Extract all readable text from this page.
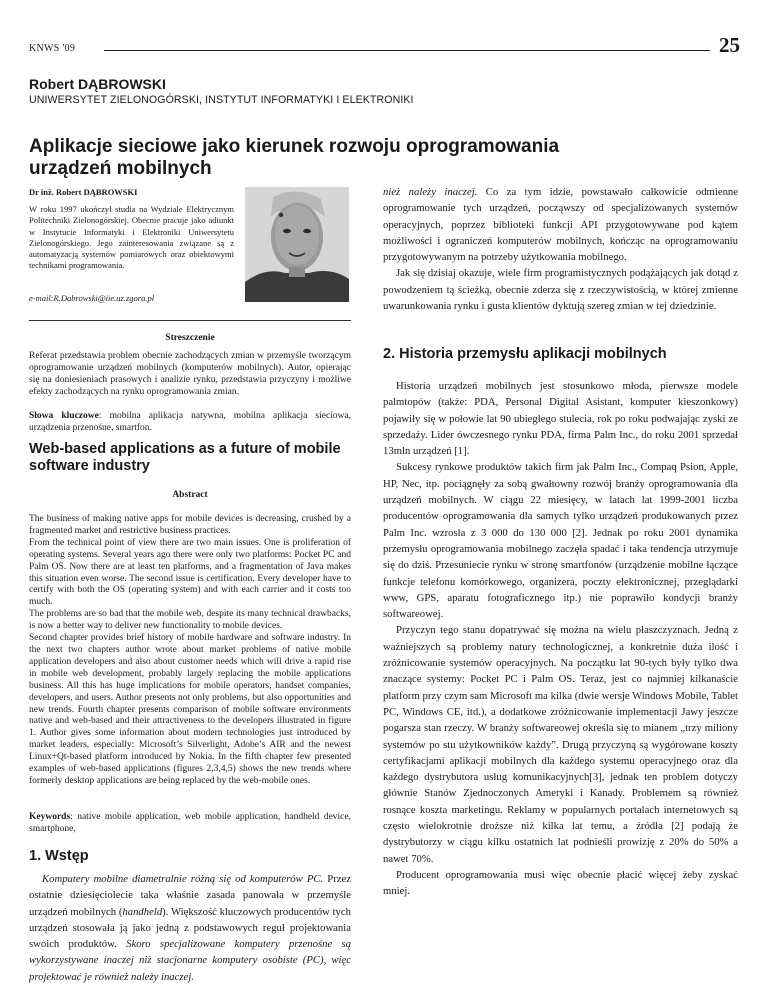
KNWS '09	25
Robert DĄBROWSKI
UNIWERSYTET ZIELONOGÓRSKI, INSTYTUT INFORMATYKI I ELEKTRONIKI
Aplikacje sieciowe jako kierunek rozwoju oprogramowania
urządzeń mobilnych
Dr inż. Robert DĄBROWSKI
W roku 1997 ukończył studia na Wydziale Elektrycznym Politechniki Zielonogórskiej. Obecnie pracuje jako adiunkt w Instytucie Informatyki i Elektroniki Uniwersytetu Zielonogórskiego. Jego zainteresowania związane są z automatyzacją systemów pomiarowych oraz obiektowymi technikami programowania.
e-mail:R.Dabrowski@iie.uz.zgora.pl
Streszczenie
Referat przedstawia problem obecnie zachodzących zmian w przemyśle tworzącym oprogramowanie urządzeń mobilnych (komputerów mobilnych). Autor, opierając się na doniesieniach prasowych i analizie rynku, przedstawia przyczyny i możliwe efekty zachodzących na rynku oprogramowania zmian.
Słowa kluczowe: mobilna aplikacja natywna, mobilna aplikacja sieciowa, urządzenia przenośne, smartfon.
Web-based applications as a future of mobile software industry
Abstract
The business of making native apps for mobile devices is decreasing, crushed by a fragmented market and restrictive business practices.
From the technical point of view there are two main issues. One is proliferation of operating systems. Several years ago there were only two platforms: Pocket PC and Palm OS. Now there are at least ten platforms, and a fragmentation of Java makes this situation even worse. The second issue is certification. Every developer have to certify with both the OS (operating system) and with each carrier and it costs too much.
The problems are so bad that the mobile web, despite its many technical drawbacks, is now a better way to deliver new functionality to mobile devices.
Second chapter provides brief history of mobile hardware and software industry. In the next two chapters author wrote about market problems of native mobile application developers and also about customer needs which will drive a rapid rise in mobile web development, probably largely replacing the mobile applications business. All this has huge implications for mobile operators, handset companies, developers, and users. Author presents not only problems, but also opportunities and new trends. Fourth chapter presents comparison of mobile software environments native and web-based and their attractiveness to the developers illustrated in figure 1. Author gives some information about modern technologies just introduced by market leaders, especially: Microsoft’s Silverlight, Adobe’s AIR and the newest Linux+Qt-based platform introduced by Nokia. In the fifth chapter few presented examples of web-based applications (figures 2,3,4,5) shows the new trends where formerly desktop applications are being replaced by the web-mobile ones.
Keywords: native mobile application, web mobile application, handheld device, smartphone,
1. Wstęp

Komputery mobilne diametralnie różną się od komputerów PC. Przez ostatnie dziesięciolecie taka właśnie zasada panowała w przemyśle urządzeń mobilnych (handheld). Większość kluczowych producentów tych urządzeń stosowała ją jako jedną z podstawowych reguł projektowania swoich produktów. Skoro specjalizowane komputery przenośne są wykorzystywane inaczej niż stacjonarne komputery osobiste (PC), więc projektować je również należy inaczej.

nież należy inaczej. Co za tym idzie, powstawało całkowicie odmienne oprogramowanie tych urządzeń, począwszy od specjalizowanych systemów operacyjnych, poprzez biblioteki funkcji API przygotowywane pod kątem możliwości i ograniczeń komputerów mobilnych, kończąc na oprogramowaniu przygotowywanym na potrzeby użytkowania mobilnego.

Jak się dzisiaj okazuje, wiele firm programistycznych podążających jak dotąd z powodzeniem tą ścieżką, obecnie zderza się z rzeczywistością, w której zmienne uwarunkowania rynku i gusta klientów dyktują szereg zmian w tej dziedzinie.

2. Historia przemysłu aplikacji mobilnych

Historia urządzeń mobilnych jest stosunkowo młoda, pierwsze modele palmtopów (także: PDA, Personal Digital Asistant, komputer kieszonkowy) pojawiły się w połowie lat 90 ubiegłego stulecia, rok po roku podwajając zyski ze sprzedaży. Lider ówczesnego rynku PDA, firma Palm Inc., do roku 2001 sprzedał 13mln urządzeń [1].

Sukcesy rynkowe produktów takich firm jak Palm Inc., Compaq Psion, Apple, HP, Nec, itp. pociągnęły za sobą gwałtowny rozwój branży oprogramowania dla urządzeń mobilnych. W ciągu 22 miesięcy, w latach lat 1999-2001 liczba producentów oprogramowania dla samych tylko urządzeń produkowanych przez Palm Inc. wzrosła z 3 000 do 130 000 [2]. Jednak po roku 2001 dynamika przemysłu oprogramowania mobilnego zaczęła spadać i taka tendencja utrzymuje się do dziś. Przesuniecie rynku w stronę smartfonów (urządzenie mobilne łączące funkcje telefonu komórkowego, organizera, poczty elektronicznej, przeglądarki www, GPS, aparatu fotograficznego itp.) nie poprawiło kondycji branży softwareowej.

Przyczyn tego stanu dopatrywać się można na wielu płaszczyznach. Jedną z ważniejszych są problemy natury technologicznej, a konkretnie duża ilość i zróżnicowanie systemów operacyjnych. Na początku lat 90-tych były tylko dwa znaczące systemy: Pocket PC i Palm OS. Teraz, jest co najmniej kilkanaście platform przy czym sam Microsoft ma kilka (dwie wersje Windows Mobile, Tablet PC, Windows CE, itd.), a dodatkowe zróżnicowanie implementacji Jawy jeszcze pogarsza stan rzeczy. W branży softwareowej określa się to mianem „trzy miliony systemów po stu użytkowników każdy”. Drugą przyczyną są wygórowane koszty certyfikacjami aplikacji mobilnych dla każdego systemu operacyjnego oraz dla każdego dystrybutora usług komunikacyjnych[3], jednak ten problem dotyczy głównie Stanów Zjednoczonych Ameryki i Kanady. Problemem są również rosnące koszta marketingu. Reklamy w popularnych portalach internetowych są często wielokrotnie droższe niż kilka lat temu, a źródła [2] podają że dystrybutorzy w ciągu kilku ostatnich lat podnieśli prowizję z 20% do 50% a nawet 70%.

Producent oprogramowania musi więc obecnie płacić więcej żeby zyskać mniej.
